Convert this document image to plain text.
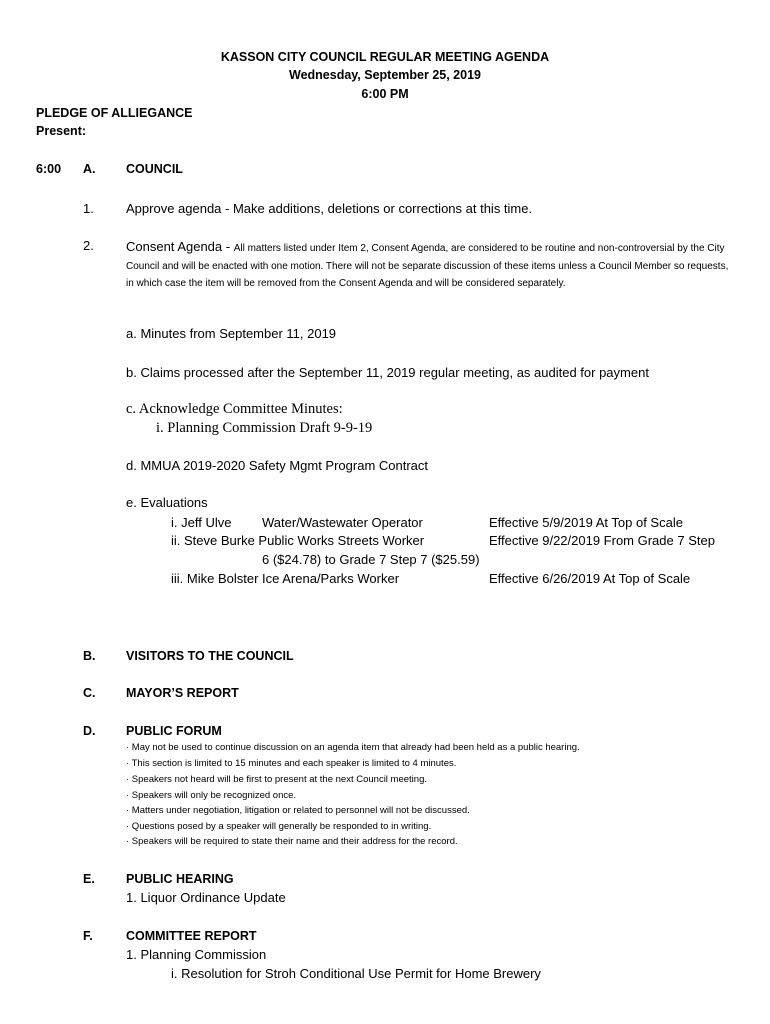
KASSON CITY COUNCIL REGULAR MEETING AGENDA
Wednesday, September 25, 2019
6:00 PM
PLEDGE OF ALLIEGANCE
Present:
6:00 A. COUNCIL
1. Approve agenda - Make additions, deletions or corrections at this time.
2. Consent Agenda - All matters listed under Item 2, Consent Agenda, are considered to be routine and non-controversial by the City Council and will be enacted with one motion. There will not be separate discussion of these items unless a Council Member so requests, in which case the item will be removed from the Consent Agenda and will be considered separately.
a. Minutes from September 11, 2019
b. Claims processed after the September 11, 2019 regular meeting, as audited for payment
c. Acknowledge Committee Minutes:
i. Planning Commission Draft 9-9-19
d. MMUA 2019-2020 Safety Mgmt Program Contract
e. Evaluations
i. Jeff Ulve Water/Wastewater Operator	Effective 5/9/2019 At Top of Scale
ii. Steve Burke Public Works Streets Worker	Effective 9/22/2019 From Grade 7 Step
6 ($24.78) to Grade 7 Step 7 ($25.59)
iii. Mike Bolster Ice Arena/Parks Worker	Effective 6/26/2019 At Top of Scale
B. VISITORS TO THE COUNCIL
C. MAYOR’S REPORT
D. PUBLIC FORUM
· May not be used to continue discussion on an agenda item that already had been held as a public hearing.
· This section is limited to 15 minutes and each speaker is limited to 4 minutes.
· Speakers not heard will be first to present at the next Council meeting.
· Speakers will only be recognized once.
· Matters under negotiation, litigation or related to personnel will not be discussed.
· Questions posed by a speaker will generally be responded to in writing.
· Speakers will be required to state their name and their address for the record.
E. PUBLIC HEARING
1. Liquor Ordinance Update
F.	COMMITTEE REPORT
1. Planning Commission
i. Resolution for Stroh Conditional Use Permit for Home Brewery
